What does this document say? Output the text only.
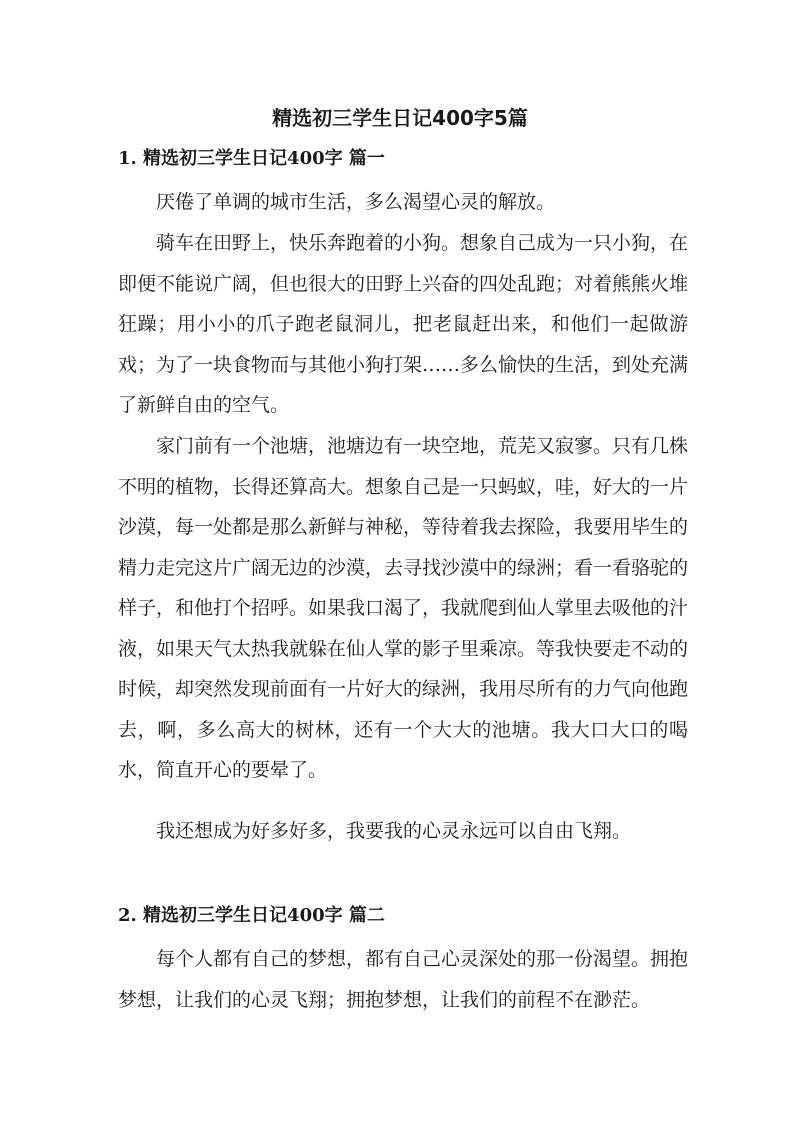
精选初三学生日记400字5篇
1. 精选初三学生日记400字 篇一

厌倦了单调的城市生活，多么渴望心灵的解放。

骑车在田野上，快乐奔跑着的小狗。想象自己成为一只小狗，在即便不能说广阔，但也很大的田野上兴奋的四处乱跑；对着熊熊火堆狂躁；用小小的爪子跑老鼠洞儿，把老鼠赶出来，和他们一起做游戏；为了一块食物而与其他小狗打架……多么愉快的生活，到处充满了新鲜自由的空气。

家门前有一个池塘，池塘边有一块空地，荒芜又寂寥。只有几株不明的植物，长得还算高大。想象自己是一只蚂蚁，哇，好大的一片沙漠，每一处都是那么新鲜与神秘，等待着我去探险，我要用毕生的精力走完这片广阔无边的沙漠，去寻找沙漠中的绿洲；看一看骆驼的样子，和他打个招呼。如果我口渴了，我就爬到仙人掌里去吸他的汁液，如果天气太热我就躲在仙人掌的影子里乘凉。等我快要走不动的时候，却突然发现前面有一片好大的绿洲，我用尽所有的力气向他跑去，啊，多么高大的树林，还有一个大大的池塘。我大口大口的喝水，简直开心的要晕了。

我还想成为好多好多，我要我的心灵永远可以自由飞翔。

2. 精选初三学生日记400字 篇二

每个人都有自己的梦想，都有自己心灵深处的那一份渴望。拥抱梦想，让我们的心灵飞翔；拥抱梦想，让我们的前程不在渺茫。
